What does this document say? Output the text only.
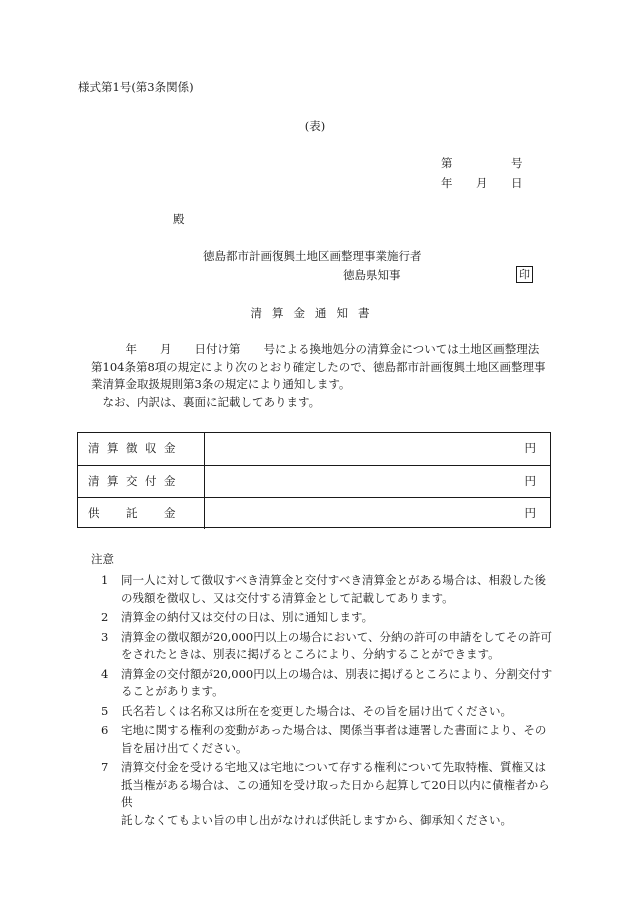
様式第1号(第3条関係)
(表)
第	号
年 月 日
殿
徳島都市計画復興土地区画整理事業施行者
徳島県知事	印
清算金通知書

　　　年　　月　　日付け第　　号による換地処分の清算金については土地区画整理法

第104条第8項の規定により次のとおり確定したので、徳島都市計画復興土地区画整理事

業清算金取扱規則第3条の規定により通知します。

　なお、内訳は、裏面に記載してあります。

清算徴収金	円
清算交付金	円
供　託　金	円
注意
1 同一人に対して徴収すべき清算金と交付すべき清算金とがある場合は、相殺した後
の残額を徴収し、又は交付する清算金として記載してあります。
2 清算金の納付又は交付の日は、別に通知します。
3 清算金の徴収額が20,000円以上の場合において、分納の許可の申請をしてその許可
をされたときは、別表に掲げるところにより、分納することができます。
4 清算金の交付額が20,000円以上の場合は、別表に掲げるところにより、分割交付す
ることがあります。
5 氏名若しくは名称又は所在を変更した場合は、その旨を届け出てください。
6 宅地に関する権利の変動があった場合は、関係当事者は連署した書面により、その
旨を届け出てください。
7 清算交付金を受ける宅地又は宅地について存する権利について先取特権、質権又は
抵当権がある場合は、この通知を受け取った日から起算して20日以内に債権者から供
託しなくてもよい旨の申し出がなければ供託しますから、御承知ください。
